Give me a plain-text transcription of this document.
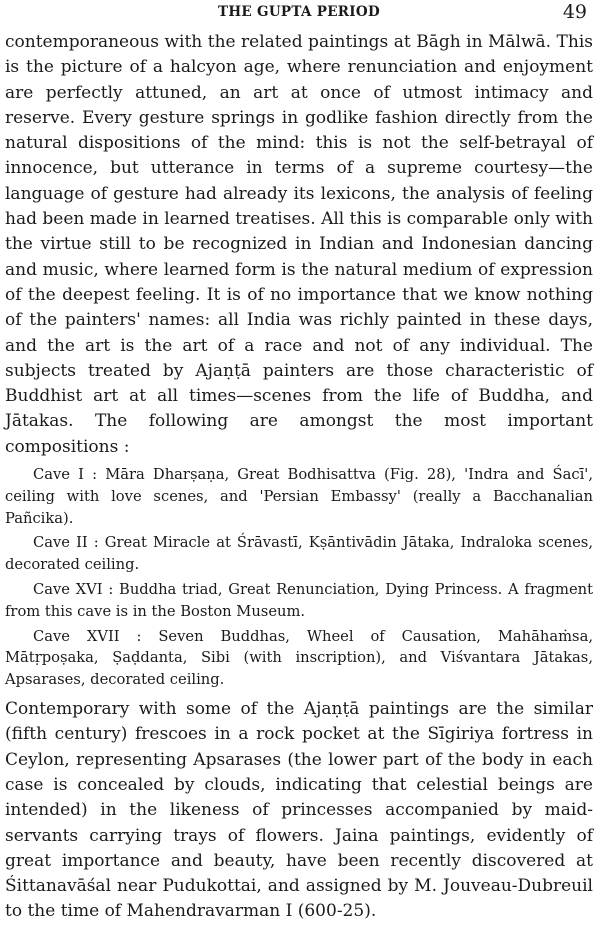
THE GUPTA PERIOD	49

contemporaneous with the related paintings at Bāgh in Mālwā. This is the picture of a halcyon age, where renunciation and enjoyment are perfectly attuned, an art at once of utmost intimacy and reserve. Every gesture springs in godlike fashion directly from the natural dispositions of the mind: this is not the self-betrayal of innocence, but utterance in terms of a supreme courtesy—the language of gesture had already its lexicons, the analysis of feeling had been made in learned treatises. All this is comparable only with the virtue still to be recognized in Indian and Indonesian dancing and music, where learned form is the natural medium of expression of the deepest feeling. It is of no importance that we know nothing of the painters' names: all India was richly painted in these days, and the art is the art of a race and not of any individual. The subjects treated by Ajaṇṭā painters are those characteristic of Buddhist art at all times—scenes from the life of Buddha, and Jātakas. The following are amongst the most important compositions :

Cave I : Māra Dharṣaṇa, Great Bodhisattva (Fig. 28), 'Indra and Śacī', ceiling with love scenes, and 'Persian Embassy' (really a Bacchanalian Pañcika).

Cave II : Great Miracle at Śrāvastī, Kṣāntivādin Jātaka, Indraloka scenes, decorated ceiling.

Cave XVI : Buddha triad, Great Renunciation, Dying Princess. A fragment from this cave is in the Boston Museum.

Cave XVII : Seven Buddhas, Wheel of Causation, Mahāhaṁsa, Mātṛpoṣaka, Ṣaḍdanta, Sibi (with inscription), and Viśvantara Jātakas, Apsarases, decorated ceiling.

Contemporary with some of the Ajaṇṭā paintings are the similar (fifth century) frescoes in a rock pocket at the Sīgiriya fortress in Ceylon, representing Apsarases (the lower part of the body in each case is concealed by clouds, indicating that celestial beings are intended) in the likeness of princesses accompanied by maid-servants carrying trays of flowers. Jaina paintings, evidently of great importance and beauty, have been recently discovered at Śittanavāśal near Pudukottai, and assigned by M. Jouveau-Dubreuil to the time of Mahendravarman I (600-25).
